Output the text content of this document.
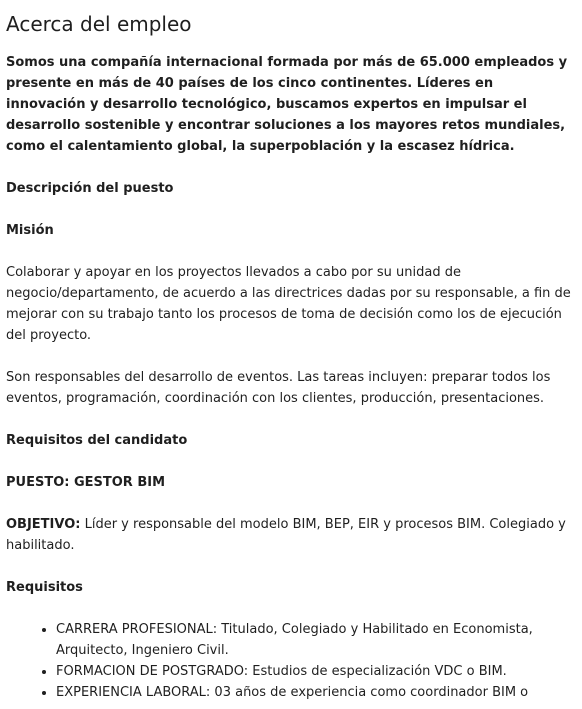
Acerca del empleo

Somos una compañía internacional formada por más de 65.000 empleados y presente en más de 40 países de los cinco continentes. Líderes en innovación y desarrollo tecnológico, buscamos expertos en impulsar el desarrollo sostenible y encontrar soluciones a los mayores retos mundiales, como el calentamiento global, la superpoblación y la escasez hídrica.

Descripción del puesto

Misión

Colaborar y apoyar en los proyectos llevados a cabo por su unidad de negocio/departamento, de acuerdo a las directrices dadas por su responsable, a fin de mejorar con su trabajo tanto los procesos de toma de decisión como los de ejecución del proyecto.

Son responsables del desarrollo de eventos. Las tareas incluyen: preparar todos los eventos, programación, coordinación con los clientes, producción, presentaciones.

Requisitos del candidato

PUESTO: GESTOR BIM

OBJETIVO: Líder y responsable del modelo BIM, BEP, EIR y procesos BIM. Colegiado y habilitado.

Requisitos

• CARRERA PROFESIONAL: Titulado, Colegiado y Habilitado en Economista, Arquitecto, Ingeniero Civil.
• FORMACION DE POSTGRADO: Estudios de especialización VDC o BIM.
• EXPERIENCIA LABORAL: 03 años de experiencia como coordinador BIM o
